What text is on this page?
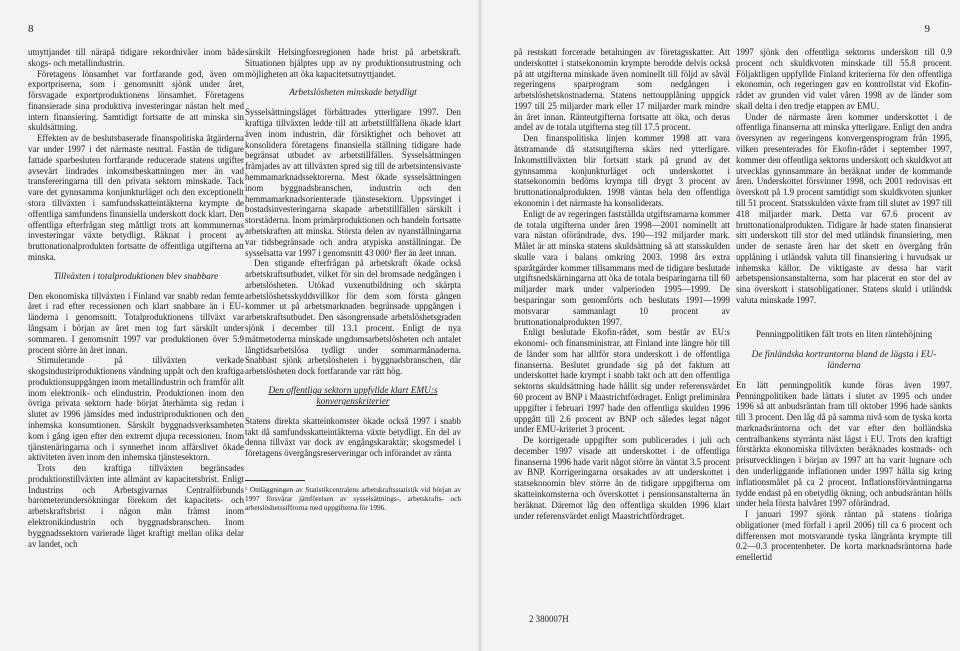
8

utnyttjandet till närapå tidigare rekordnivåer inom både skogs- och metallindustrin.

Företagens lönsamhet var fortfarande god, även om exportpriserna, som i genomsnitt sjönk under året, försvagade exportproduktionens lönsamhet. Företagens finansierade sina produktiva investeringar nästan helt med intern finansiering. Samtidigt fortsatte de att minska sin skuldsättning.

Effekten av de beslutsbaserade finanspolitiska åtgärderna var under 1997 i det närmaste neutral. Fastän de tidigare fattade sparbesluten fortfarande reducerade statens utgifter avsevärt lindrades inkomstbeskattningen mer än vad transfereringarna till den privata sektorn minskade. Tack vare det gynnsamma konjunkturläget och den exceptionellt stora tillväxten i samfundsskatteintäkterna krympte de offentliga samfundens finansiella underskott dock klart. Den offentliga efterfrågan steg måttligt trots att kommunernas investeringar växte betydligt. Räknat i procent av bruttonationalprodukten fortsatte de offentliga utgifterna att minska.

Tillväxten i totalproduktionen blev snabbare

Den ekonomiska tillväxten i Finland var snabb redan femte året i rad efter recessionen och klart snabbare än i EU-länderna i genomsnitt. Totalproduktionens tillväxt var långsam i början av året men tog fart särskilt under sommaren. I genomsnitt 1997 var produktionen över 5.9 procent större än året innan.

Stimulerande på tillväxten verkade skogsindustriproduktionens vändning uppåt och den kraftiga produktionsuppgången inom metallindustrin och framför allt inom elektronik- och elindustrin. Produktionen inom den övriga privata sektorn hade börjat återhämta sig redan i slutet av 1996 jämsides med industriproduktionen och den inhemska konsumtionen. Särskilt byggnadsverksamheten kom i gång igen efter den extremt djupa recessionen. Inom tjänstenäringarna och i synnerhet inom affärslivet ökade aktiviteten även inom den inhemska tjänstesektorn.

Trots den kraftiga tillväxten begränsades produktionstillväxten inte allmänt av kapacitetsbrist. Enligt Industrins och Arbetsgivarnas Centralförbunds barometerundersökningar förekom det kapacitets- och arbetskraftsbrist i någon mån främst inom elektronikindustrin och byggnadsbranschen. Inom byggnadssektorn varierade läget kraftigt mellan olika delar av landet, och

särskilt Helsingforsregionen hade brist på arbetskraft. Situationen hjälptes upp av ny produktionsutrustning och möjligheten att öka kapacitetsutnyttjandet.

Arbetslösheten minskade betydligt

Sysselsättningsläget förbättrades ytterligare 1997. Den kraftiga tillväxten ledde till att arbetstillfällena ökade klart även inom industrin, där försiktighet och behovet att konsolidera företagens finansiella ställning tidigare hade begränsat utbudet av arbetstillfällen. Sysselsättningen främjades av att tillväxten spred sig till de arbetsintensivaste hemmamarknadssektorerna. Mest ökade sysselsättningen inom byggnadsbranschen, industrin och den hemmamarknadsorienterade tjänstesektorn. Uppsvinget i bostadsinvesteringarna skapade arbetstillfällen särskilt i storstäderna. Inom primärproduktionen och handeln fortsatte arbetskraften att minska. Största delen av nyanställningarna var tidsbegränsade och andra atypiska anställningar. De sysselsatta var 1997 i genomsnitt 43 000¹ fler än året innan.

Den stigande efterfrågan på arbetskraft ökade också arbetskraftsutbudet, vilket för sin del bromsade nedgången i arbetslösheten. Utökad vuxenutbildning och skärpta arbetslöshetsskyddsvillkor för dem som första gången kommer ut på arbetsmarknaden begränsade uppgången i arbetskraftsutbudet. Den säsongrensade arbetslöshetsgraden sjönk i december till 13.1 procent. Enligt de nya mätmetoderna minskade ungdomsarbetslösheten och antalet långtidsarbetslösa tydligt under sommarmånaderna. Snabbast sjönk arbetslösheten i byggnadsbranschen, där arbetslösheten dock fortfarande var rätt hög.

Den offentliga sektorn uppfyllde klart EMU:s konvergenskriterier

Statens direkta skatteinkomster ökade också 1997 i snabb takt då samfundsskatteintäkterna växte betydligt. En del av denna tillväxt var dock av engångskaraktär; skogsmedel i företagens övergångsreserveringar och införandet av ränta

¹ Omläggningen av Statistikcentralens arbetskraftsstatistik vid början av 1997 försvårar jämförelsen av sysselsättnings-, arbetskrafts- och arbetslöshetssiffrorna med uppgifterna för 1996.

9

på restskatt forcerade betalningen av företagsskatter. Att underskottet i statsekonomin krympte berodde delvis också på att utgifterna minskade även nominellt till följd av såväl regeringens sparprogram som nedgången i arbetslöshetskostnaderna. Statens nettoupplåning uppgick 1997 till 25 miljarder mark eller 17 miljarder mark mindre än året innan. Ränteutgifterna fortsatte att öka, och deras andel av de totala utgifterna steg till 17.5 procent.

Den finanspolitiska linjen kommer 1998 att vara åtstramande då statsutgifterna skärs ned ytterligare. Inkomsttillväxten blir fortsatt stark på grund av det gynnsamma konjunkturläget och underskottet i statsekonomin bedöms krympa till drygt 3 procent av bruttonationalprodukten. 1998 väntas hela den offentliga ekonomin i det närmaste ha konsoliderats.

Enligt de av regeringen fastställda utgiftsramarna kommer de totala utgifterna under åren 1998—2001 nominellt att vara nästan oförändrade, dvs. 190—192 miljarder mark. Målet är att minska statens skuldsättning så att statsskulden skulle vara i balans omkring 2003. 1998 års extra sparåtgärder kommer tillsammans med de tidigare beslutade utgiftsnedskärningarna att öka de totala besparingarna till 60 miljarder mark under valperioden 1995—1999. De besparingar som genomförts och beslutats 1991—1999 motsvarar sammanlagt 10 procent av bruttonationalprodukten 1997.

Enligt beslutade Ekofin-rådet, som består av EU:s ekonomi- och finansministrar, att Finland inte längre hör till de länder som har alltför stora underskott i de offentliga finanserna. Beslutet grundade sig på det faktum att underskottet hade krympt i snabb takt och att den offentliga sektorns skuldsättning hade hållit sig under referensvärdet 60 procent av BNP i Maastrichtfördraget. Enligt preliminära uppgifter i februari 1997 hade den offentliga skulden 1996 uppgått till 2.6 procent av BNP och således legat något under EMU-kriteriet 3 procent.

De korrigerade uppgifter som publicerades i juli och december 1997 visade att underskottet i de offentliga finanserna 1996 hade varit något större än väntat 3.5 procent av BNP. Korrigeringarna orsakades av att underskottet i statsekonomin blev större än de tidigare uppgifterna om skatteinkomsterna och överskottet i pensionsanstalterna än beräknat. Däremot låg den offentliga skulden 1996 klart under referensvärdet enligt Maastrichtfördraget.

1997 sjönk den offentliga sektorns underskott till 0.9 procent och skuldkvoten minskade till 55.8 procent. Följaktligen uppfyllde Finland kriterierna för den offentliga ekonomin, och regeringen gav en kontrollstat vid Ekofin-rådet av grunden vid valet våren 1998 av de länder som skall delta i den tredje etappen av EMU.

Under de närmaste åren kommer underskottet i de offentliga finanserna att minska ytterligare. Enligt den andra översynen av regeringens konvergensprogram från 1995, vilken presenterades för Ekofin-rådet i september 1997, kommer den offentliga sektorns underskott och skuldkvot att utvecklas gynnsammare än beräknat under de kommande åren. Underskottet försvinner 1998, och 2001 redovisas ett överskott på 1.9 procent samtidigt som skuldkvoten sjunker till 51 procent. Statsskulden växte fram till slutet av 1997 till 418 miljarder mark. Detta var 67.6 procent av bruttonationalprodukten. Tidigare år hade staten finansierat sitt underskott till stor del med utländsk finansiering, men under de senaste åren har det skett en övergång från upplåning i utländsk valuta till finansiering i huvudsak ur inhemska källor. De viktigaste av dessa har varit arbetspensionsanstalterna, som har placerat en stor del av sina överskott i statsobligationer. Statens skuld i utländsk valuta minskade 1997.

Penningpolitiken fält trots en liten räntehöjning

De finländska kortrantorna bland de lägsta i EU-länderna

En lätt penningpolitik kunde föras även 1997. Penningpolitiken hade lättats i slutet av 1995 och under 1996 så att anbudsräntan fram till oktober 1996 hade sänkts till 3 procent. Den låg då på samma nivå som de tyska korta marknadsräntorna och det var efter den holländska centralbankens styrränta näst lägst i EU. Trots den kraftigt förstärkta ekonomiska tillväxten beräknades kostnads- och prisutvecklingen i början av 1997 att ha varit lugnare och den underliggande inflationen under 1997 hålla sig kring inflationsmålet på ca 2 procent. Inflationsförväntningarna tydde endast på en obetydlig ökning, och anbudsräntan hölls under hela första halvåret 1997 oförändrad.

I januari 1997 sjönk räntan på statens tioåriga obligationer (med förfall i april 2006) till ca 6 procent och differensen mot motsvarande tyska långränta krympte till 0.2—0.3 procentenheter. De korta marknadsräntorna hade emellertid

2 380007H
